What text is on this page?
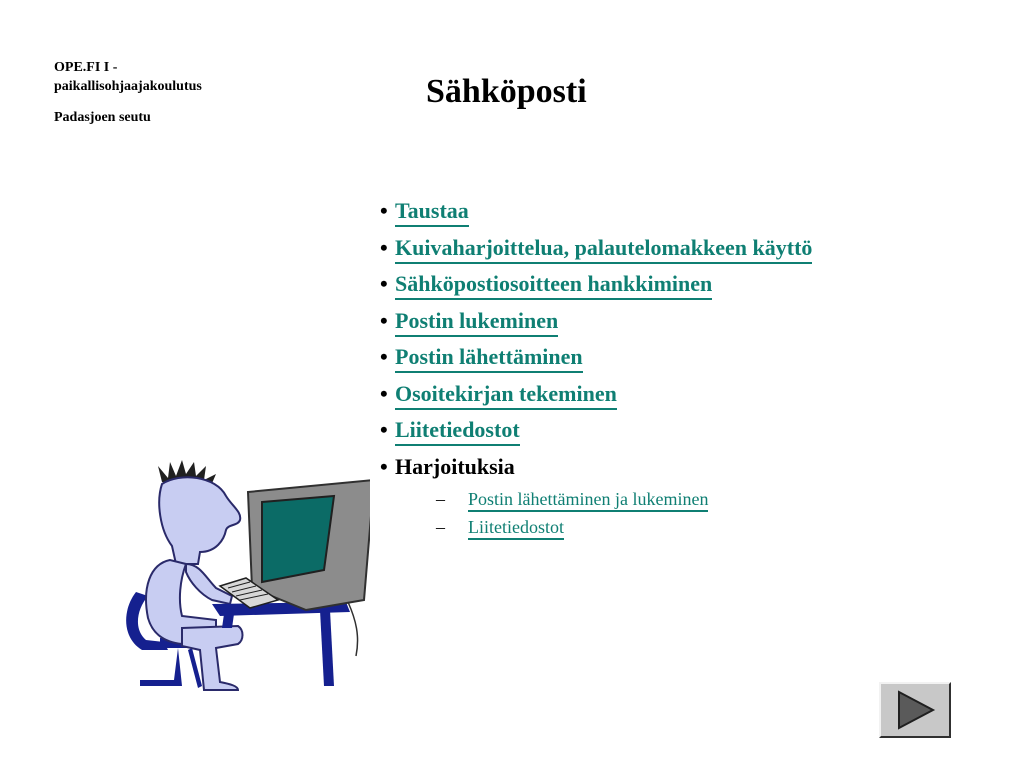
OPE.FI I -
paikallisohjaajakoulutus
Padasjoen seutu
Sähköposti
• Taustaa
• Kuivaharjoittelua, palautelomakkeen käyttö
• Sähköpostiosoitteen hankkiminen
• Postin lukeminen
• Postin lähettäminen
• Osoitekirjan tekeminen
• Liitetiedostot
• Harjoituksia
– Postin lähettäminen ja lukeminen
– Liitetiedostot
